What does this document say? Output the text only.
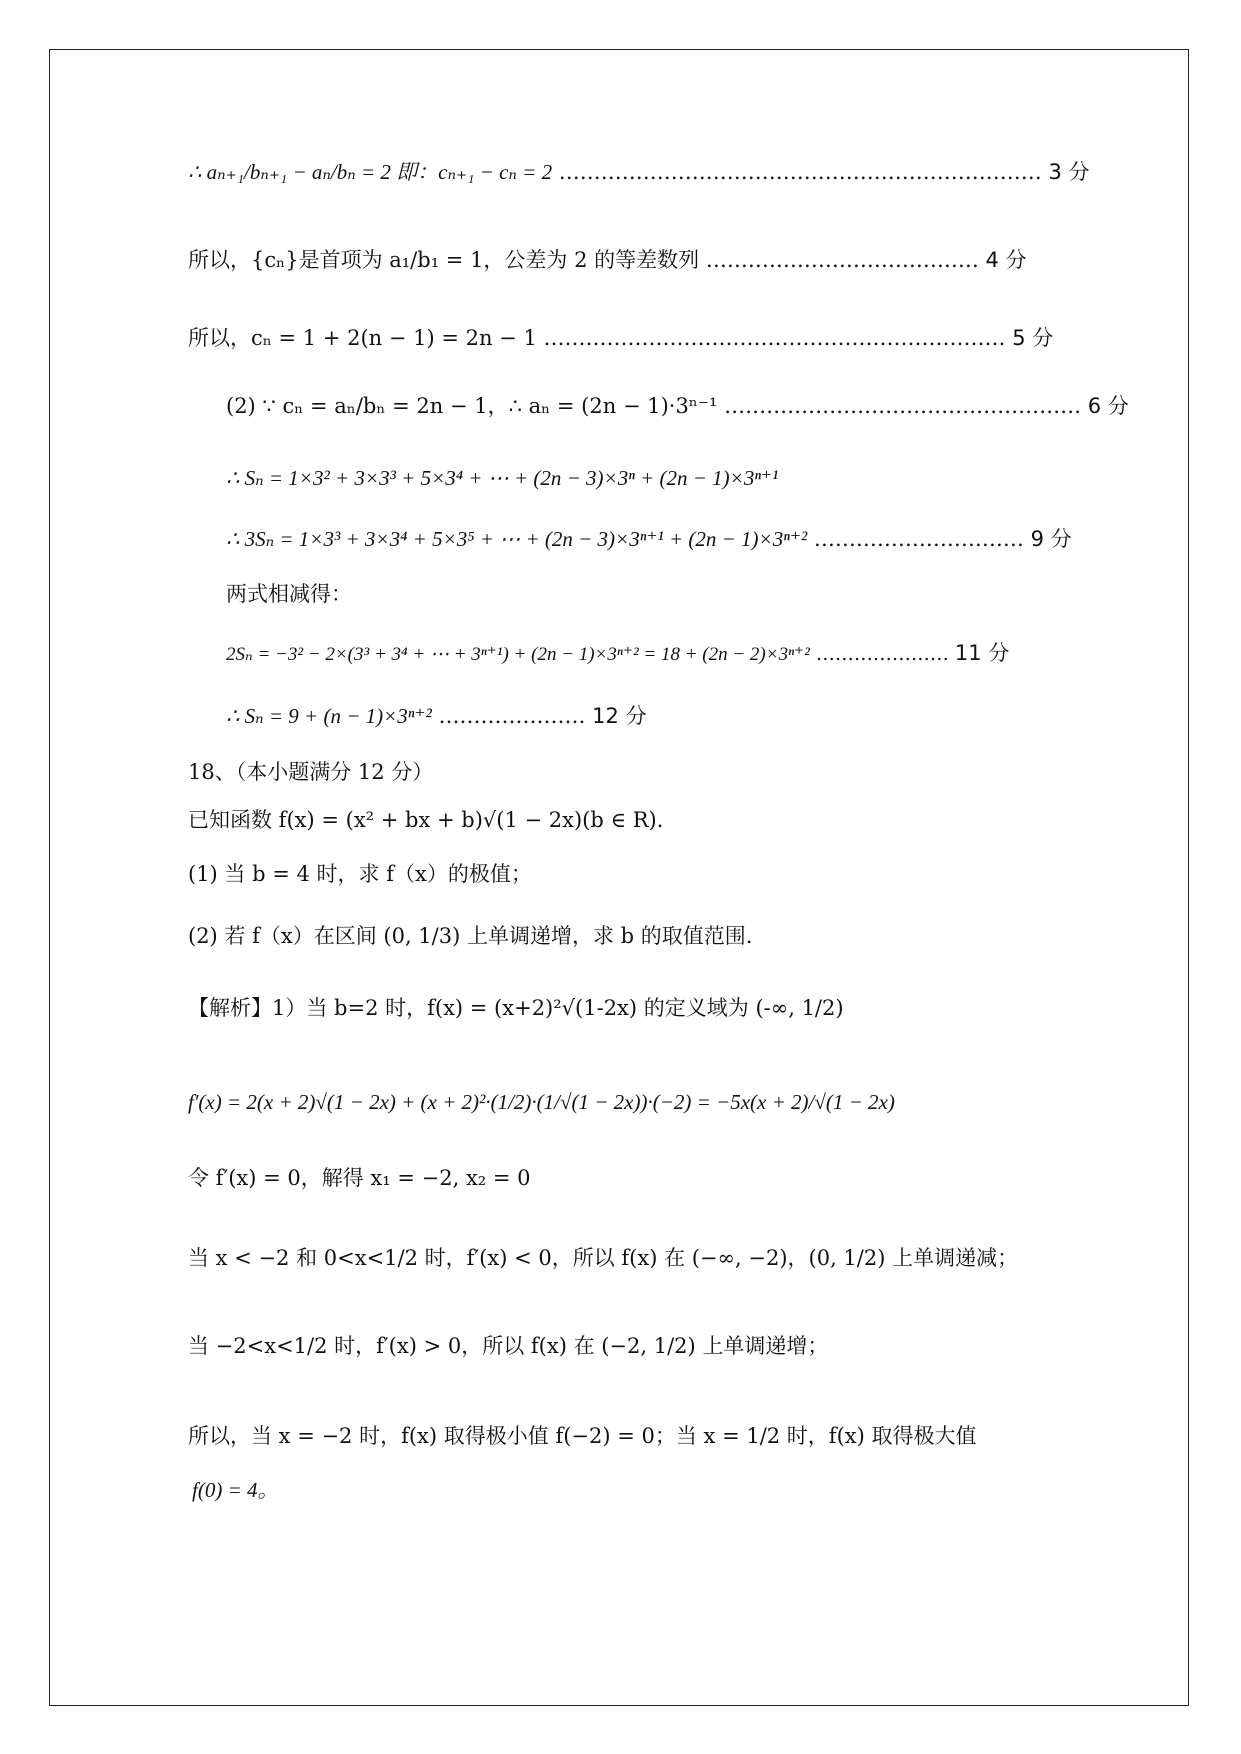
∴ aₙ₊₁/bₙ₊₁ − aₙ/bₙ = 2 即：cₙ₊₁ − cₙ = 2 …………………………………………………………… 3 分
所以，{cₙ}是首项为 a₁/b₁ = 1，公差为 2 的等差数列 ………………………………… 4 分
所以，cₙ = 1 + 2(n − 1) = 2n − 1 ………………………………………………………… 5 分
(2) ∵ cₙ = aₙ/bₙ = 2n − 1，∴ aₙ = (2n − 1)·3ⁿ⁻¹ …………………………………………… 6 分
∴ Sₙ = 1×3² + 3×3³ + 5×3⁴ + ⋯ + (2n − 3)×3ⁿ + (2n − 1)×3ⁿ⁺¹
∴ 3Sₙ = 1×3³ + 3×3⁴ + 5×3⁵ + ⋯ + (2n − 3)×3ⁿ⁺¹ + (2n − 1)×3ⁿ⁺² ………………………… 9 分
两式相减得：
2Sₙ = −3² − 2×(3³ + 3⁴ + ⋯ + 3ⁿ⁺¹) + (2n − 1)×3ⁿ⁺² = 18 + (2n − 2)×3ⁿ⁺² ………………… 11 分
∴ Sₙ = 9 + (n − 1)×3ⁿ⁺² ………………… 12 分
18、（本小题满分 12 分）
已知函数 f(x) = (x² + bx + b)√(1 − 2x)(b ∈ R).
(1) 当 b = 4 时，求 f（x）的极值；
(2) 若 f（x）在区间 (0, 1/3) 上单调递增，求 b 的取值范围.
【解析】1）当 b=2 时，f(x) = (x+2)²√(1-2x) 的定义域为 (-∞, 1/2)
f′(x) = 2(x + 2)√(1 − 2x) + (x + 2)²·(1/2)·(1/√(1 − 2x))·(−2) = −5x(x + 2)/√(1 − 2x)
令 f′(x) = 0，解得 x₁ = −2, x₂ = 0
当 x < −2 和 0<x<1/2 时，f′(x) < 0，所以 f(x) 在 (−∞, −2)，(0, 1/2) 上单调递减；
当 −2<x<1/2 时，f′(x) > 0，所以 f(x) 在 (−2, 1/2) 上单调递增；
所以，当 x = −2 时，f(x) 取得极小值 f(−2) = 0；当 x = 1/2 时，f(x) 取得极大值
f(0) = 4。
